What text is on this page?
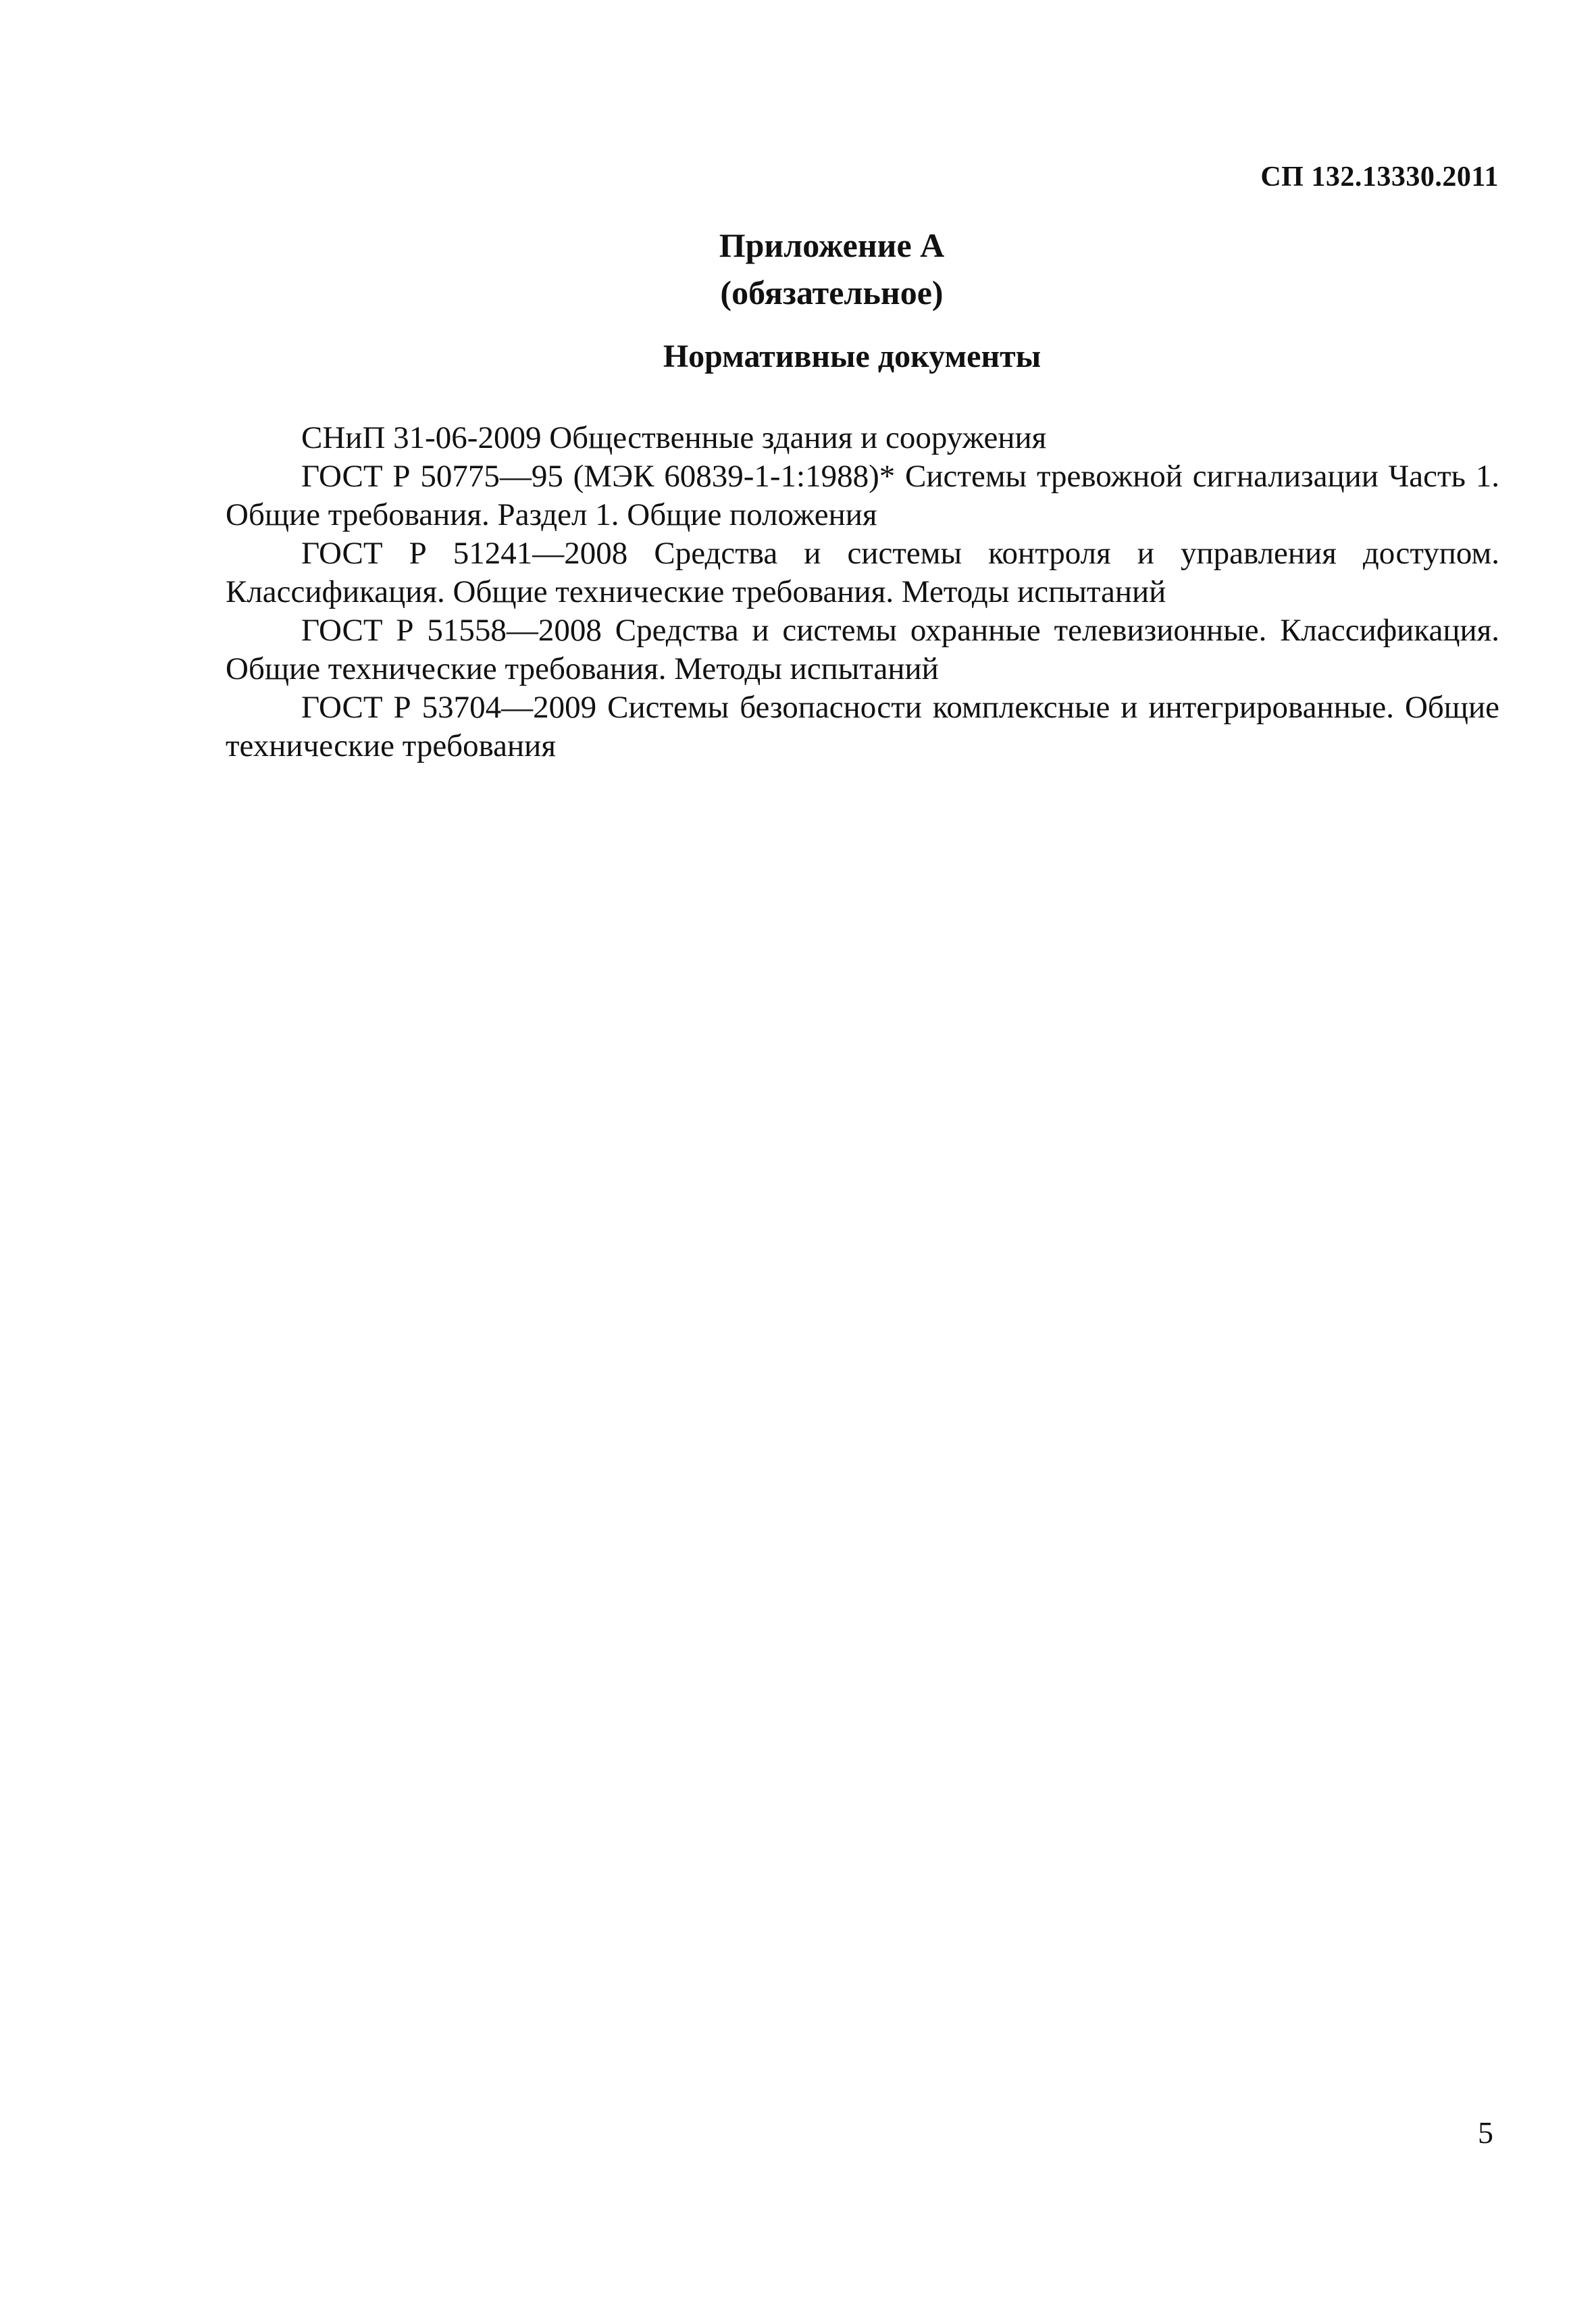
СП 132.13330.2011
Приложение А
(обязательное)
Нормативные документы

СНиП 31-06-2009 Общественные здания и сооружения

ГОСТ Р 50775—95 (МЭК 60839-1-1:1988)* Системы тревожной сигнализации Часть 1. Общие требования. Раздел 1. Общие положения

ГОСТ Р 51241—2008 Средства и системы контроля и управления доступом. Классификация. Общие технические требования. Методы испытаний

ГОСТ Р 51558—2008 Средства и системы охранные телевизионные. Классификация. Общие технические требования. Методы испытаний

ГОСТ Р 53704—2009 Системы безопасности комплексные и интегрированные. Общие технические требования

5
